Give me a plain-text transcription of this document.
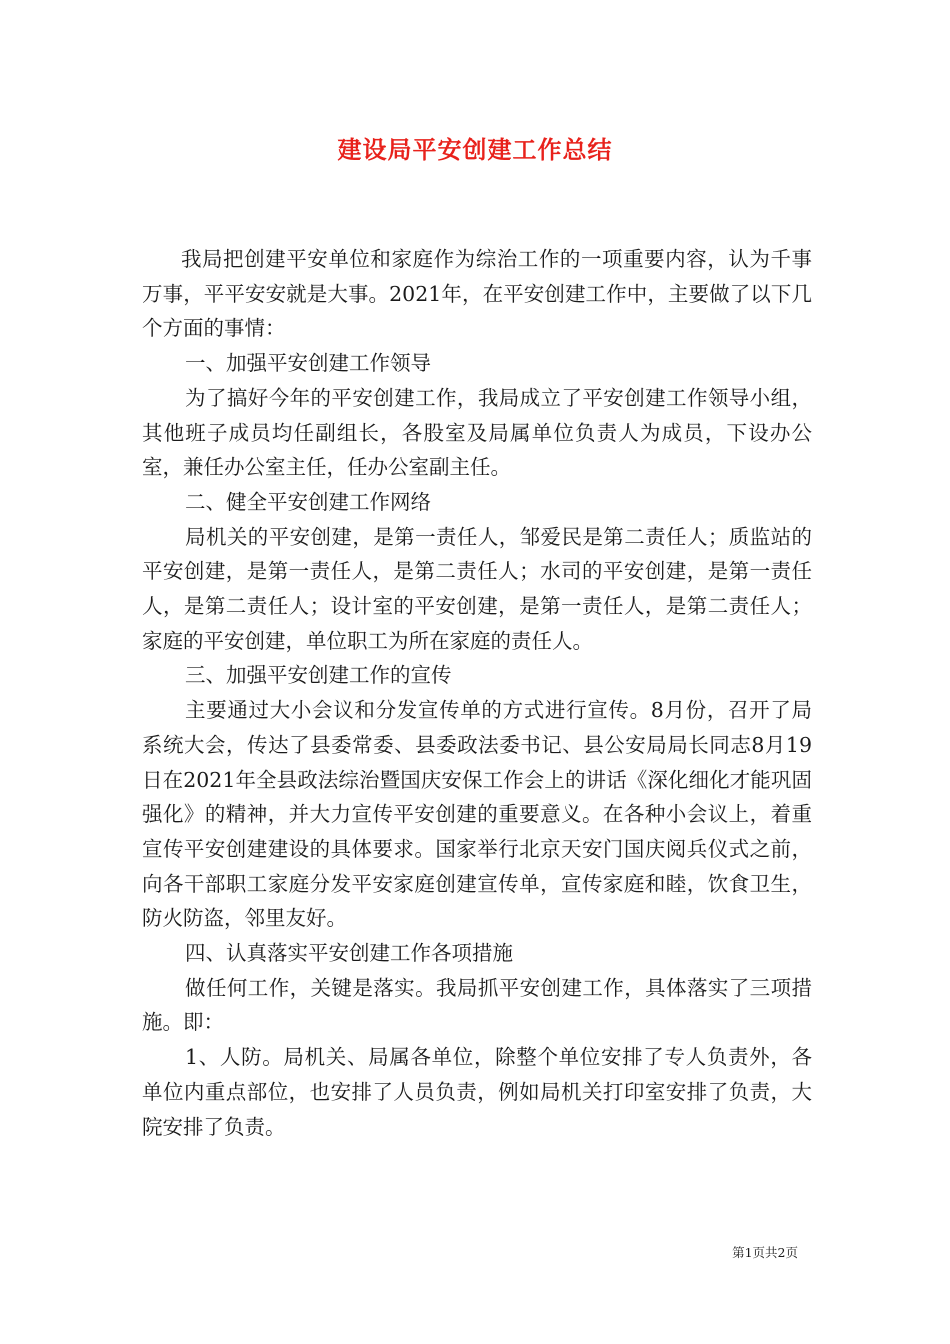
建设局平安创建工作总结

我局把创建平安单位和家庭作为综治工作的一项重要内容，认为千事万事，平平安安就是大事。2021年，在平安创建工作中，主要做了以下几个方面的事情：

一、加强平安创建工作领导

为了搞好今年的平安创建工作，我局成立了平安创建工作领导小组，其他班子成员均任副组长，各股室及局属单位负责人为成员，下设办公室，兼任办公室主任，任办公室副主任。

二、健全平安创建工作网络

局机关的平安创建，是第一责任人，邹爱民是第二责任人；质监站的平安创建，是第一责任人，是第二责任人；水司的平安创建，是第一责任人，是第二责任人；设计室的平安创建，是第一责任人，是第二责任人；家庭的平安创建，单位职工为所在家庭的责任人。

三、加强平安创建工作的宣传

主要通过大小会议和分发宣传单的方式进行宣传。8月份，召开了局系统大会，传达了县委常委、县委政法委书记、县公安局局长同志8月19日在2021年全县政法综治暨国庆安保工作会上的讲话《深化细化才能巩固强化》的精神，并大力宣传平安创建的重要意义。在各种小会议上，着重宣传平安创建建设的具体要求。国家举行北京天安门国庆阅兵仪式之前，向各干部职工家庭分发平安家庭创建宣传单，宣传家庭和睦，饮食卫生，防火防盗，邻里友好。

四、认真落实平安创建工作各项措施

做任何工作，关键是落实。我局抓平安创建工作，具体落实了三项措施。即：

1、人防。局机关、局属各单位，除整个单位安排了专人负责外，各单位内重点部位，也安排了人员负责，例如局机关打印室安排了负责，大院安排了负责。

第1页共2页
